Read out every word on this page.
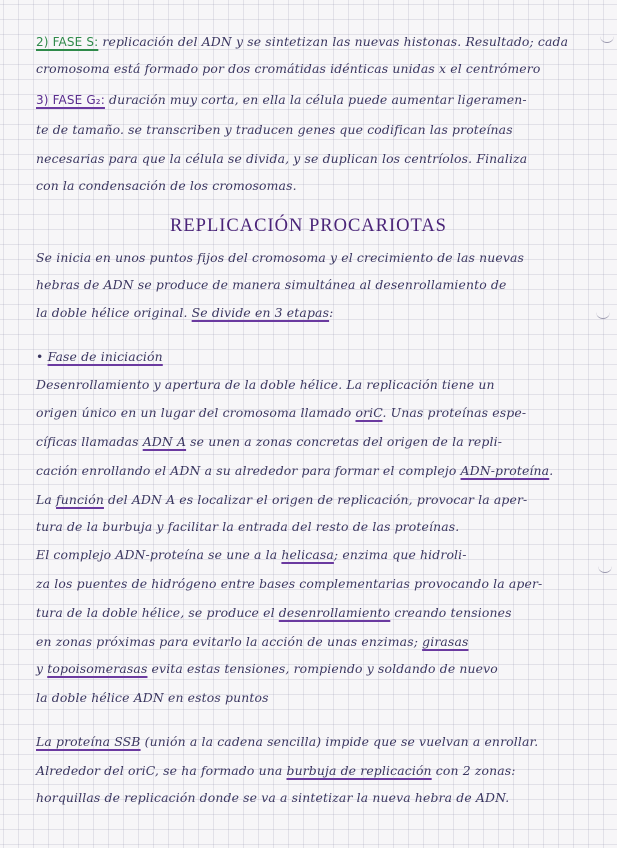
2) FASE S: replicación del ADN y se sintetizan las nuevas histonas. Resultado; cada
cromosoma está formado por dos cromátidas idénticas unidas x el centrómero
3) FASE G₂: duración muy corta, en ella la célula puede aumentar ligeramen-
te de tamaño. se transcriben y traducen genes que codifican las proteínas
necesarias para que la célula se divida, y se duplican los centríolos. Finaliza
con la condensación de los cromosomas.
REPLICACIÓN PROCARIOTAS
Se inicia en unos puntos fijos del cromosoma y el crecimiento de las nuevas
hebras de ADN se produce de manera simultánea al desenrollamiento de
la doble hélice original. Se divide en 3 etapas:
• Fase de iniciación
Desenrollamiento y apertura de la doble hélice. La replicación tiene un
origen único en un lugar del cromosoma llamado oriC. Unas proteínas espe-
cíficas llamadas ADN A se unen a zonas concretas del origen de la repli-
cación enrollando el ADN a su alrededor para formar el complejo ADN-proteína.
La función del ADN A es localizar el origen de replicación, provocar la aper-
tura de la burbuja y facilitar la entrada del resto de las proteínas.
El complejo ADN-proteína se une a la helicasa; enzima que hidroli-
za los puentes de hidrógeno entre bases complementarias provocando la aper-
tura de la doble hélice, se produce el desenrollamiento creando tensiones
en zonas próximas para evitarlo la acción de unas enzimas; girasas
y topoisomerasas evita estas tensiones, rompiendo y soldando de nuevo
la doble hélice ADN en estos puntos
La proteína SSB (unión a la cadena sencilla) impide que se vuelvan a enrollar.
Alrededor del oriC, se ha formado una burbuja de replicación con 2 zonas:
horquillas de replicación donde se va a sintetizar la nueva hebra de ADN.
